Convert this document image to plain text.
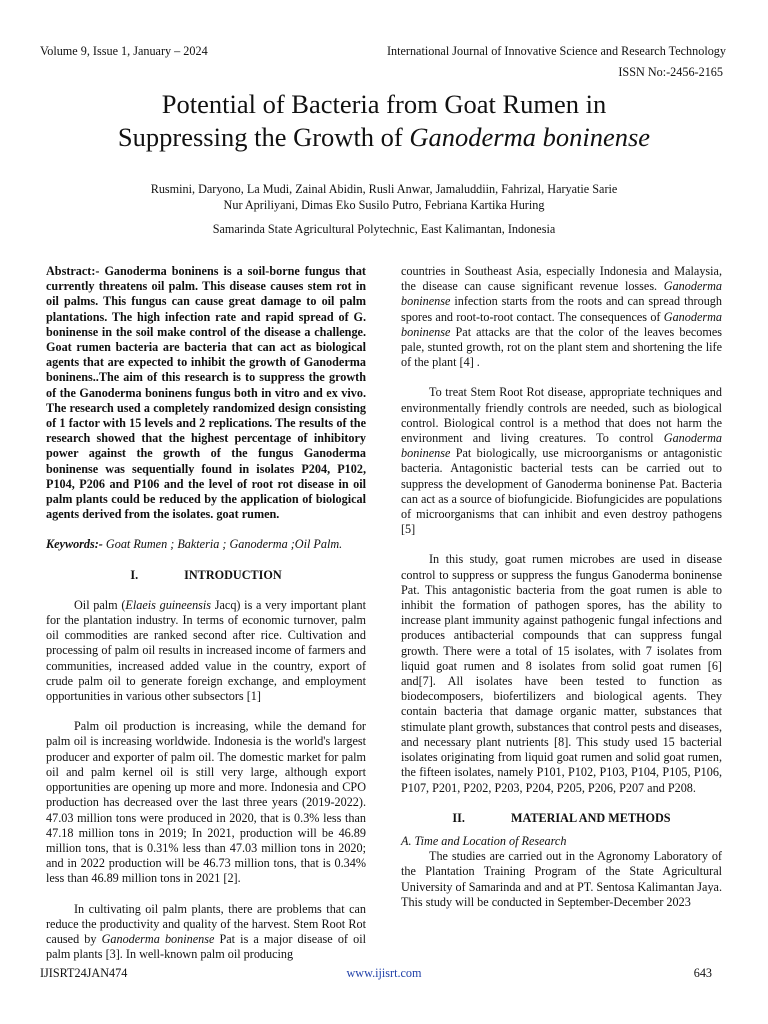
Volume 9, Issue 1, January – 2024	International Journal of Innovative Science and Research Technology
ISSN No:-2456-2165
Potential of Bacteria from Goat Rumen in
Suppressing the Growth of Ganoderma boninense
Rusmini, Daryono, La Mudi, Zainal Abidin, Rusli Anwar, Jamaluddiin, Fahrizal, Haryatie Sarie
Nur Apriliyani, Dimas Eko Susilo Putro, Febriana Kartika Huring
Samarinda State Agricultural Polytechnic, East Kalimantan, Indonesia

Abstract:- Ganoderma boninens is a soil-borne fungus that currently threatens oil palm. This disease causes stem rot in oil palms. This fungus can cause great damage to oil palm plantations. The high infection rate and rapid spread of G. boninense in the soil make control of the disease a challenge. Goat rumen bacteria are bacteria that can act as biological agents that are expected to inhibit the growth of Ganoderma boninens..The aim of this research is to suppress the growth of the Ganoderma boninens fungus both in vitro and ex vivo. The research used a completely randomized design consisting of 1 factor with 15 levels and 2 replications. The results of the research showed that the highest percentage of inhibitory power against the growth of the fungus Ganoderma boninense was sequentially found in isolates P204, P102, P104, P206 and P106 and the level of root rot disease in oil palm plants could be reduced by the application of biological agents derived from the isolates. goat rumen.

Keywords:- Goat Rumen ; Bakteria ; Ganoderma ;Oil Palm.

I.	INTRODUCTION

Oil palm (Elaeis guineensis Jacq) is a very important plant for the plantation industry. In terms of economic turnover, palm oil commodities are ranked second after rice. Cultivation and processing of palm oil results in increased income of farmers and communities, increased added value in the country, export of crude palm oil to generate foreign exchange, and employment opportunities in various other subsectors [1]

Palm oil production is increasing, while the demand for palm oil is increasing worldwide. Indonesia is the world's largest producer and exporter of palm oil. The domestic market for palm oil and palm kernel oil is still very large, although export opportunities are opening up more and more. Indonesia and CPO production has decreased over the last three years (2019-2022). 47.03 million tons were produced in 2020, that is 0.3% less than 47.18 million tons in 2019; In 2021, production will be 46.89 million tons, that is 0.31% less than 47.03 million tons in 2020; and in 2022 production will be 46.73 million tons, that is 0.34% less than 46.89 million tons in 2021 [2].

In cultivating oil palm plants, there are problems that can reduce the productivity and quality of the harvest. Stem Root Rot caused by Ganoderma boninense Pat is a major disease of oil palm plants [3]. In well-known palm oil producing

countries in Southeast Asia, especially Indonesia and Malaysia, the disease can cause significant revenue losses. Ganoderma boninense infection starts from the roots and can spread through spores and root-to-root contact. The consequences of Ganoderma boninense Pat attacks are that the color of the leaves becomes pale, stunted growth, rot on the plant stem and shortening the life of the plant [4] .

To treat Stem Root Rot disease, appropriate techniques and environmentally friendly controls are needed, such as biological control. Biological control is a method that does not harm the environment and living creatures. To control Ganoderma boninense Pat biologically, use microorganisms or antagonistic bacteria. Antagonistic bacterial tests can be carried out to suppress the development of Ganoderma boninense Pat. Bacteria can act as a source of biofungicide. Biofungicides are populations of microorganisms that can inhibit and even destroy pathogens [5]

In this study, goat rumen microbes are used in disease control to suppress or suppress the fungus Ganoderma boninense Pat. This antagonistic bacteria from the goat rumen is able to inhibit the formation of pathogen spores, has the ability to increase plant immunity against pathogenic fungal infections and produces antibacterial compounds that can suppress fungal growth. There were a total of 15 isolates, with 7 isolates from liquid goat rumen and 8 isolates from solid goat rumen [6] and[7]. All isolates have been tested to function as biodecomposers, biofertilizers and biological agents. They contain bacteria that damage organic matter, substances that stimulate plant growth, substances that control pests and diseases, and necessary plant nutrients [8]. This study used 15 bacterial isolates originating from liquid goat rumen and solid goat rumen, the fifteen isolates, namely P101, P102, P103, P104, P105, P106, P107, P201, P202, P203, P204, P205, P206, P207 and P208.

II.	MATERIAL AND METHODS

A. Time and Location of Research

The studies are carried out in the Agronomy Laboratory of the Plantation Training Program of the State Agricultural University of Samarinda and and at PT. Sentosa Kalimantan Jaya. This study will be conducted in September-December 2023

IJISRT24JAN474	www.ijisrt.com	643
